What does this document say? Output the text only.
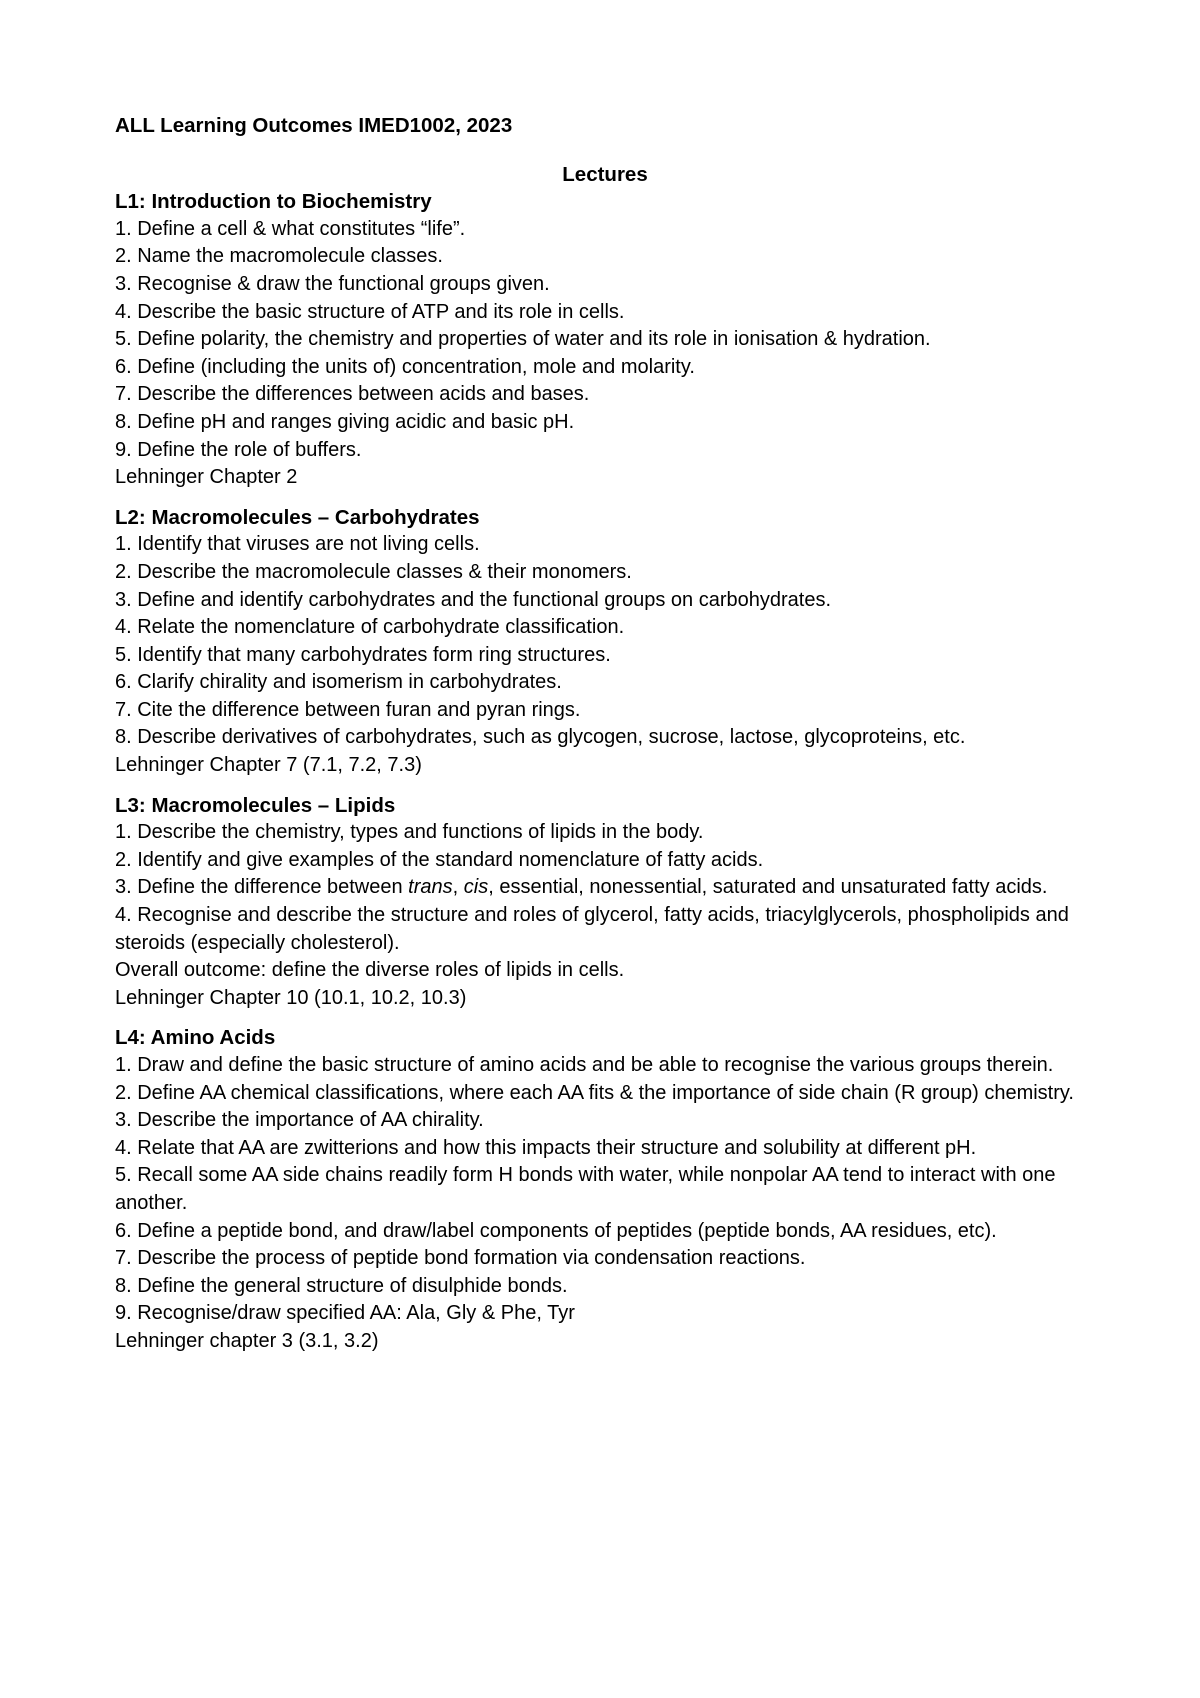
ALL Learning Outcomes IMED1002, 2023
Lectures
L1: Introduction to Biochemistry
1. Define a cell & what constitutes “life”.
2. Name the macromolecule classes.
3. Recognise & draw the functional groups given.
4. Describe the basic structure of ATP and its role in cells.
5. Define polarity, the chemistry and properties of water and its role in ionisation & hydration.
6. Define (including the units of) concentration, mole and molarity.
7. Describe the differences between acids and bases.
8. Define pH and ranges giving acidic and basic pH.
9. Define the role of buffers.
Lehninger Chapter 2
L2: Macromolecules – Carbohydrates
1. Identify that viruses are not living cells.
2. Describe the macromolecule classes & their monomers.
3. Define and identify carbohydrates and the functional groups on carbohydrates.
4. Relate the nomenclature of carbohydrate classification.
5. Identify that many carbohydrates form ring structures.
6. Clarify chirality and isomerism in carbohydrates.
7. Cite the difference between furan and pyran rings.
8. Describe derivatives of carbohydrates, such as glycogen, sucrose, lactose, glycoproteins, etc.
Lehninger Chapter 7 (7.1, 7.2, 7.3)
L3: Macromolecules – Lipids
1. Describe the chemistry, types and functions of lipids in the body.
2. Identify and give examples of the standard nomenclature of fatty acids.
3. Define the difference between trans, cis, essential, nonessential, saturated and unsaturated fatty acids.
4. Recognise and describe the structure and roles of glycerol, fatty acids, triacylglycerols, phospholipids and steroids (especially cholesterol).
Overall outcome: define the diverse roles of lipids in cells.
Lehninger Chapter 10 (10.1, 10.2, 10.3)
L4: Amino Acids
1. Draw and define the basic structure of amino acids and be able to recognise the various groups therein.
2. Define AA chemical classifications, where each AA fits & the importance of side chain (R group) chemistry.
3. Describe the importance of AA chirality.
4. Relate that AA are zwitterions and how this impacts their structure and solubility at different pH.
5. Recall some AA side chains readily form H bonds with water, while nonpolar AA tend to interact with one another.
6. Define a peptide bond, and draw/label components of peptides (peptide bonds, AA residues, etc).
7. Describe the process of peptide bond formation via condensation reactions.
8. Define the general structure of disulphide bonds.
9. Recognise/draw specified AA: Ala, Gly & Phe, Tyr
Lehninger chapter 3 (3.1, 3.2)
